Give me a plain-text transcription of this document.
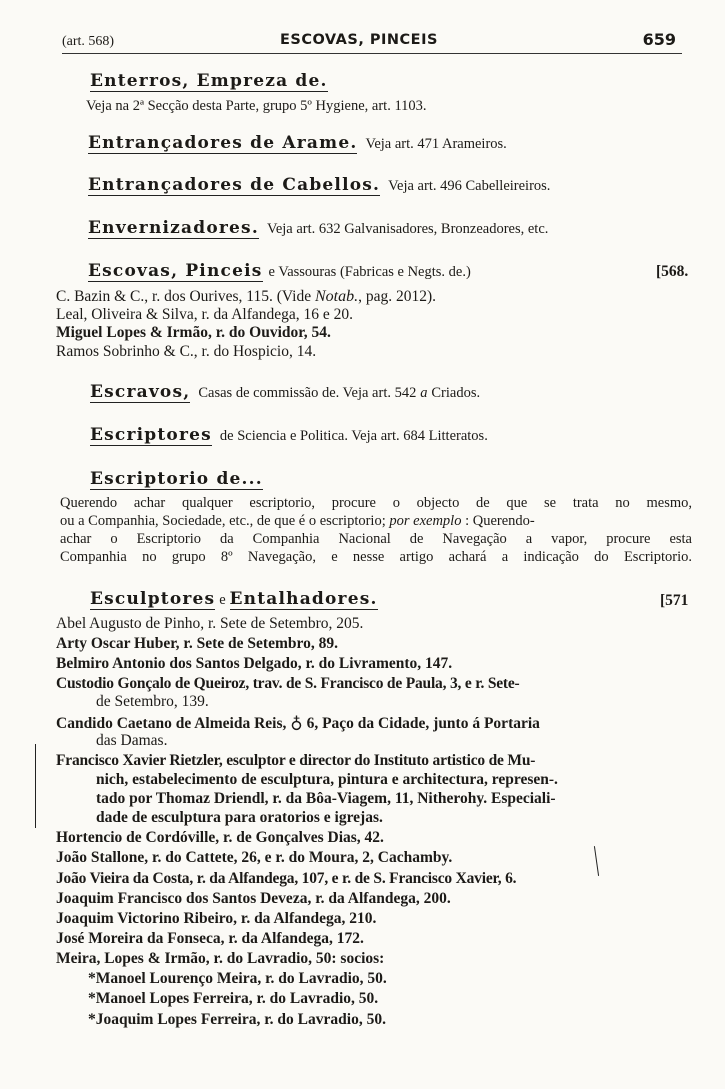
(art. 568)	ESCOVAS, PINCEIS	659
Enterros, Empreza de.
Veja na 2ª Secção desta Parte, grupo 5º Hygiene, art. 1103.
Entrançadores de Arame. Veja art. 471 Arameiros.
Entrançadores de Cabellos. Veja art. 496 Cabelleireiros.
Envernizadores. Veja art. 632 Galvanisadores, Bronzeadores, etc.
Escovas, Pinceis e Vassouras (Fabricas e Negts. de.)	[568.
C. Bazin & C., r. dos Ourives, 115. (Vide Notab., pag. 2012).
Leal, Oliveira & Silva, r. da Alfandega, 16 e 20.
Miguel Lopes & Irmão, r. do Ouvidor, 54.
Ramos Sobrinho & C., r. do Hospicio, 14.
Escravos, Casas de commissão de. Veja art. 542 a Criados.
Escriptores de Sciencia e Politica. Veja art. 684 Litteratos.
Escriptorio de...
Querendo achar qualquer escriptorio, procure o objecto de que se trata no mesmo,
ou a Companhia, Sociedade, etc., de que é o escriptorio; por exemplo : Querendo-
achar o Escriptorio da Companhia Nacional de Navegação a vapor, procure esta
Companhia no grupo 8º Navegação, e nesse artigo achará a indicação do Escriptorio.
Esculptores e Entalhadores.	[571
Abel Augusto de Pinho, r. Sete de Setembro, 205.
Arty Oscar Huber, r. Sete de Setembro, 89.
Belmiro Antonio dos Santos Delgado, r. do Livramento, 147.
Custodio Gonçalo de Queiroz, trav. de S. Francisco de Paula, 3, e r. Sete-
de Setembro, 139.
Candido Caetano de Almeida Reis, ♁ 6, Paço da Cidade, junto á Portaria
das Damas.
Francisco Xavier Rietzler, esculptor e director do Instituto artistico de Mu-
nich, estabelecimento de esculptura, pintura e architectura, represen-.
tado por Thomaz Driendl, r. da Bôa-Viagem, 11, Nitherohy. Especiali-
dade de esculptura para oratorios e igrejas.
Hortencio de Cordóville, r. de Gonçalves Dias, 42.
João Stallone, r. do Cattete, 26, e r. do Moura, 2, Cachamby.
João Vieira da Costa, r. da Alfandega, 107, e r. de S. Francisco Xavier, 6.
Joaquim Francisco dos Santos Deveza, r. da Alfandega, 200.
Joaquim Victorino Ribeiro, r. da Alfandega, 210.
José Moreira da Fonseca, r. da Alfandega, 172.
Meira, Lopes & Irmão, r. do Lavradio, 50: socios:
*Manoel Lourenço Meira, r. do Lavradio, 50.
*Manoel Lopes Ferreira, r. do Lavradio, 50.
*Joaquim Lopes Ferreira, r. do Lavradio, 50.
